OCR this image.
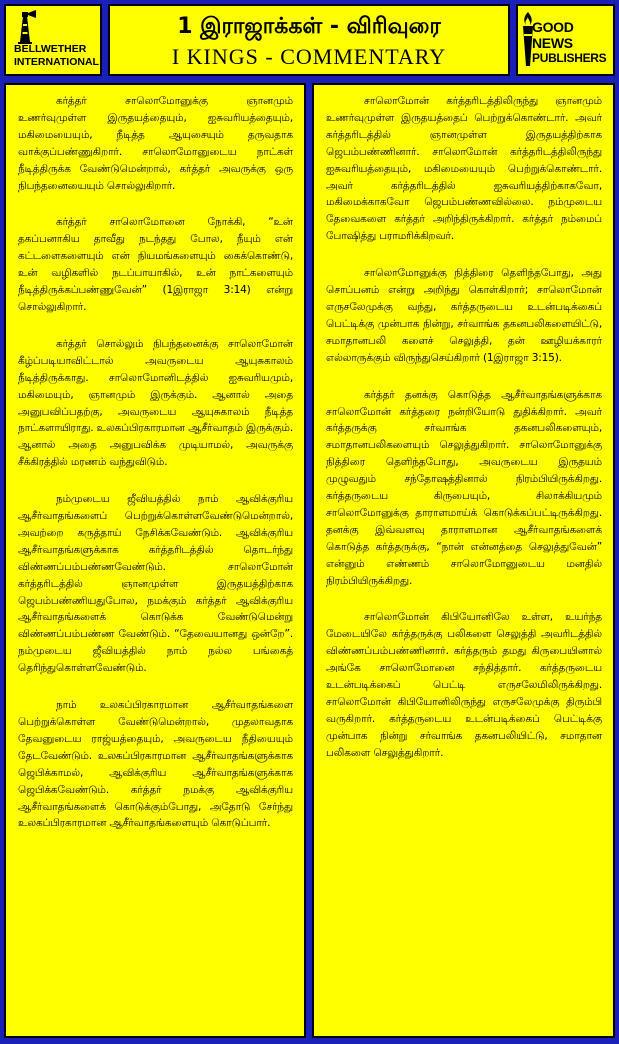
BELLWETHER
INTERNATIONAL
1 இராஜாக்கள் - விரிவுரை
I KINGS - COMMENTARY
GOOD NEWS
PUBLISHERS

கர்த்தர் சாலொமோனுக்கு ஞானமும் உணர்வுமுள்ள இருதயத்தையும், ஐசுவரியத்தையும், மகிமையையும், நீடித்த ஆயுசையும் தருவதாக வாக்குப்பண்ணுகிறார். சாலொமோனுடைய நாட்கள் நீடித்திருக்க வேண்டுமென்றால், கர்த்தர் அவருக்கு ஒரு நிபந்தனையையும் சொல்லுகிறார்.

கர்த்தர் சாலொமோனை நோக்கி, “உன் தகப்பனாகிய தாவீது நடந்தது போல, நீயும் என் கட்டளைகளையும் என் நியமங்களையும் கைக்கொண்டு, உன் வழிகளில் நடப்பாயாகில், உன் நாட்களையும் நீடித்திருக்கப்பண்ணுவேன்” (1இராஜா 3:14) என்று சொல்லுகிறார்.

கர்த்தர் சொல்லும் நிபந்தனைக்கு சாலொமோன் கீழ்ப்படியாவிட்டால் அவருடைய ஆயுசுகாலம் நீடித்திருக்காது. சாலொமோனிடத்தில் ஐசுவரியமும், மகிமையும், ஞானமும் இருக்கும். ஆனால் அதை அனுபவிப்பதற்கு, அவருடைய ஆயுசுகாலம் நீடித்த நாட்களாயிராது. உலகப்பிரகாரமான ஆசீர்வாதம் இருக்கும். ஆனால் அதை அனுபவிக்க முடியாமல், அவருக்கு சீக்கிரத்தில் மரணம் வந்துவிடும்.

நம்முடைய ஜீவியத்தில் நாம் ஆவிக்குரிய ஆசீர்வாதங்களைப் பெற்றுக்கொள்ளவேண்டுமென்றால், அவற்றை கருத்தாய் நேசிக்கவேண்டும். ஆவிக்குரிய ஆசீர்வாதங்களுக்காக கர்த்தரிடத்தில் தொடர்ந்து விண்ணப்பம்பண்ணவேண்டும். சாலொமோன் கர்த்தரிடத்தில் ஞானமுள்ள இருதயத்திற்காக ஜெபம்பண்ணியதுபோல, நமக்கும் கர்த்தர் ஆவிக்குரிய ஆசீர்வாதங்களைக் கொடுக்க வேண்டுமென்று விண்ணப்பம்பண்ண வேண்டும். “தேவையானது ஒன்றே”. நம்முடைய ஜீவியத்தில் நாம் நல்ல பங்கைத் தெரிந்துகொள்ளவேண்டும்.

நாம் உலகப்பிரகாரமான ஆசீர்வாதங்களை பெற்றுக்கொள்ள வேண்டுமென்றால், முதலாவதாக தேவனுடைய ராஜ்யத்தையும், அவருடைய நீதியையும் தேடவேண்டும். உலகப்பிரகாரமான ஆசீர்வாதங்களுக்காக ஜெபிக்காமல், ஆவிக்குரிய ஆசீர்வாதங்களுக்காக ஜெபிக்கவேண்டும். கர்த்தர் நமக்கு ஆவிக்குரிய ஆசீர்வாதங்களைக் கொடுக்கும்போது, அதோடு சேர்ந்து உலகப்பிரகாரமான ஆசீர்வாதங்களையும் கொடுப்பார்.

சாலொமோன் கர்த்தரிடத்திலிருந்து ஞானமும் உணர்வுமுள்ள இருதயத்தைப் பெற்றுக்கொண்டார். அவர் கர்த்தரிடத்தில் ஞானமுள்ள இருதயத்திற்காக ஜெபம்பண்ணினார். சாலொமோன் கர்த்தரிடத்திலிருந்து ஐசுவரியத்தையும், மகிமையையும் பெற்றுக்கொண்டார். அவர் கர்த்தரிடத்தில் ஐசுவரியத்திற்காகவோ, மகிமைக்காகவோ ஜெபம்பண்ணவில்லை. நம்முடைய தேவைகளை கர்த்தர் அறிந்திருக்கிறார். கர்த்தர் நம்மைப் போஷித்து பராமரிக்கிறவர்.

சாலொமோனுக்கு நித்திரை தெளிந்தபோது, அது சொப்பனம் என்று அறிந்து கொள்கிறார்; சாலொமோன் எருசலேமுக்கு வந்து, கர்த்தருடைய உடன்படிக்கைப் பெட்டிக்கு முன்பாக நின்று, சர்வாங்க தகனபலிகளையிட்டு, சமாதானபலி களைச் செலுத்தி, தன் ஊழியக்காரர் எல்லாருக்கும் விருந்துசெய்கிறார் (1இராஜா 3:15).

கர்த்தர் தனக்கு கொடுத்த ஆசீர்வாதங்களுக்காக சாலொமோன் கர்த்தரை நன்றியோடு துதிக்கிறார். அவர் கர்த்தருக்கு சர்வாங்க தகனபலிகளையும், சமாதானபலிகளையும் செலுத்துகிறார். சாலொமோனுக்கு நித்திரை தெளிந்தபோது, அவருடைய இருதயம் முழுவதும் சந்தோஷத்தினால் நிரம்பியிருக்கிறது. கர்த்தருடைய கிருபையும், சிலாக்கியமும் சாலொமோனுக்கு தாராளமாய்க் கொடுக்கப்பட்டிருக்கிறது. தனக்கு இவ்வளவு தாராளமான ஆசீர்வாதங்களைக் கொடுத்த கர்த்தருக்கு, “நான் என்னத்தை செலுத்துவேன்” என்னும் எண்ணம் சாலொமோனுடைய மனதில் நிரம்பியிருக்கிறது.

சாலொமோன் கிபியோனிலே உள்ள, உயர்ந்த மேடையிலே கர்த்தருக்கு பலிகளை செலுத்தி அவரிடத்தில் விண்ணப்பம்பண்ணினார். கர்த்தரும் தமது கிருபையினால் அங்கே சாலொமோனை சந்தித்தார். கர்த்தருடைய உடன்படிக்கைப் பெட்டி எருசலேமிலிருக்கிறது. சாலொமோன் கிபியோனிலிருந்து எருசலேமுக்கு திரும்பி வருகிறார். கர்த்தருடைய உடன்படிக்கைப் பெட்டிக்கு முன்பாக நின்று சர்வாங்க தகனபலியிட்டு, சமாதான பலிகளை செலுத்துகிறார்.
